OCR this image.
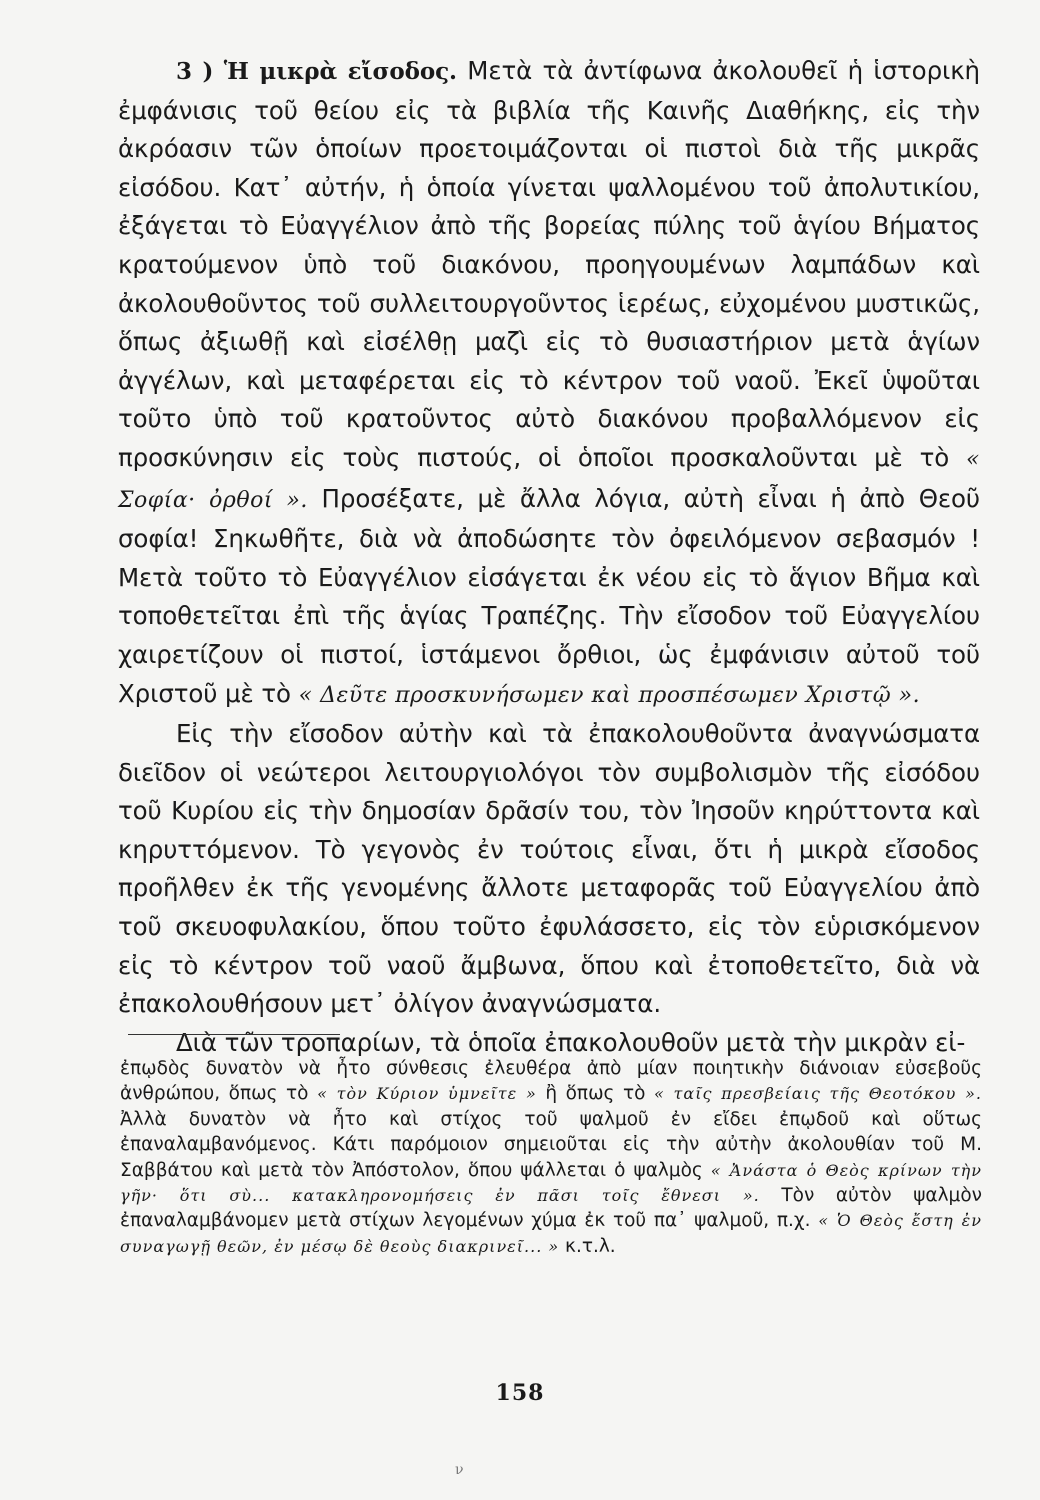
3 ) Ἡ μικρὰ εἴσοδος. Μετὰ τὰ ἀντίφωνα ἀκολουθεῖ ἡ ἱστορικὴ ἐμφάνισις τοῦ θείου εἰς τὰ βιβλία τῆς Καινῆς Διαθήκης, εἰς τὴν ἀκρόασιν τῶν ὁποίων προετοιμάζονται οἱ πιστοὶ διὰ τῆς μικρᾶς εἰσόδου. Κατ᾿ αὐτήν, ἡ ὁποία γίνεται ψαλλομένου τοῦ ἀπολυτικίου, ἐξάγεται τὸ Εὐαγγέλιον ἀπὸ τῆς βορείας πύλης τοῦ ἁγίου Βήματος κρατούμενον ὑπὸ τοῦ διακόνου, προηγουμένων λαμπάδων καὶ ἀκολουθοῦντος τοῦ συλλειτουργοῦντος ἱερέως, εὐχομένου μυστικῶς, ὅπως ἀξιωθῇ καὶ εἰσέλθῃ μαζὶ εἰς τὸ θυσιαστήριον μετὰ ἁγίων ἀγγέλων, καὶ μεταφέρεται εἰς τὸ κέντρον τοῦ ναοῦ. Ἐκεῖ ὑψοῦται τοῦτο ὑπὸ τοῦ κρατοῦντος αὐτὸ διακόνου προβαλλόμενον εἰς προσκύνησιν εἰς τοὺς πιστούς, οἱ ὁποῖοι προσκαλοῦνται μὲ τὸ « Σοφία· ὀρθοί ». Προσέξατε, μὲ ἄλλα λόγια, αὐτὴ εἶναι ἡ ἀπὸ Θεοῦ σοφία! Σηκωθῆτε, διὰ νὰ ἀποδώσητε τὸν ὀφειλόμενον σεβασμόν ! Μετὰ τοῦτο τὸ Εὐαγγέλιον εἰσάγεται ἐκ νέου εἰς τὸ ἅγιον Βῆμα καὶ τοποθετεῖται ἐπὶ τῆς ἁγίας Τραπέζης. Τὴν εἴσοδον τοῦ Εὐαγγελίου χαιρετίζουν οἱ πιστοί, ἱστάμενοι ὄρθιοι, ὡς ἐμφάνισιν αὐτοῦ τοῦ Χριστοῦ μὲ τὸ « Δεῦτε προσκυνήσωμεν καὶ προσπέσωμεν Χριστῷ ».

Εἰς τὴν εἴσοδον αὐτὴν καὶ τὰ ἐπακολουθοῦντα ἀναγνώσματα διεῖδον οἱ νεώτεροι λειτουργιολόγοι τὸν συμβολισμὸν τῆς εἰσόδου τοῦ Κυρίου εἰς τὴν δημοσίαν δρᾶσίν του, τὸν Ἰησοῦν κηρύττοντα καὶ κηρυττόμενον. Τὸ γεγονὸς ἐν τούτοις εἶναι, ὅτι ἡ μικρὰ εἴσοδος προῆλθεν ἐκ τῆς γενομένης ἄλλοτε μεταφορᾶς τοῦ Εὐαγγελίου ἀπὸ τοῦ σκευοφυλακίου, ὅπου τοῦτο ἐφυλάσσετο, εἰς τὸν εὑρισκόμενον εἰς τὸ κέντρον τοῦ ναοῦ ἄμβωνα, ὅπου καὶ ἐτοποθετεῖτο, διὰ νὰ ἐπακολουθήσουν μετ᾿ ὀλίγον ἀναγνώσματα.

Διὰ τῶν τροπαρίων, τὰ ὁποῖα ἐπακολουθοῦν μετὰ τὴν μικρὰν εἰ-

ἐπῳδὸς δυνατὸν νὰ ἦτο σύνθεσις ἐλευθέρα ἀπὸ μίαν ποιητικὴν διάνοιαν εὐσεβοῦς ἀνθρώπου, ὅπως τὸ « τὸν Κύριον ὑμνεῖτε » ἢ ὅπως τὸ « ταῖς πρεσβείαις τῆς Θεοτόκου ». Ἀλλὰ δυνατὸν νὰ ἦτο καὶ στίχος τοῦ ψαλμοῦ ἐν εἴδει ἐπῳδοῦ καὶ οὕτως ἐπαναλαμβανόμενος. Κάτι παρόμοιον σημειοῦται εἰς τὴν αὐτὴν ἀκολουθίαν τοῦ Μ. Σαββάτου καὶ μετὰ τὸν Ἀπόστολον, ὅπου ψάλλεται ὁ ψαλμὸς « Ἀνάστα ὁ Θεὸς κρίνων τὴν γῆν· ὅτι σὺ... κατακληρονομήσεις ἐν πᾶσι τοῖς ἔθνεσι ». Τὸν αὐτὸν ψαλμὸν ἐπαναλαμβάνομεν μετὰ στίχων λεγομένων χύμα ἐκ τοῦ πα᾿ ψαλμοῦ, π.χ. « Ὁ Θεὸς ἔστη ἐν συναγωγῇ θεῶν, ἐν μέσῳ δὲ θεοὺς διακρινεῖ... » κ.τ.λ.
158
ν
